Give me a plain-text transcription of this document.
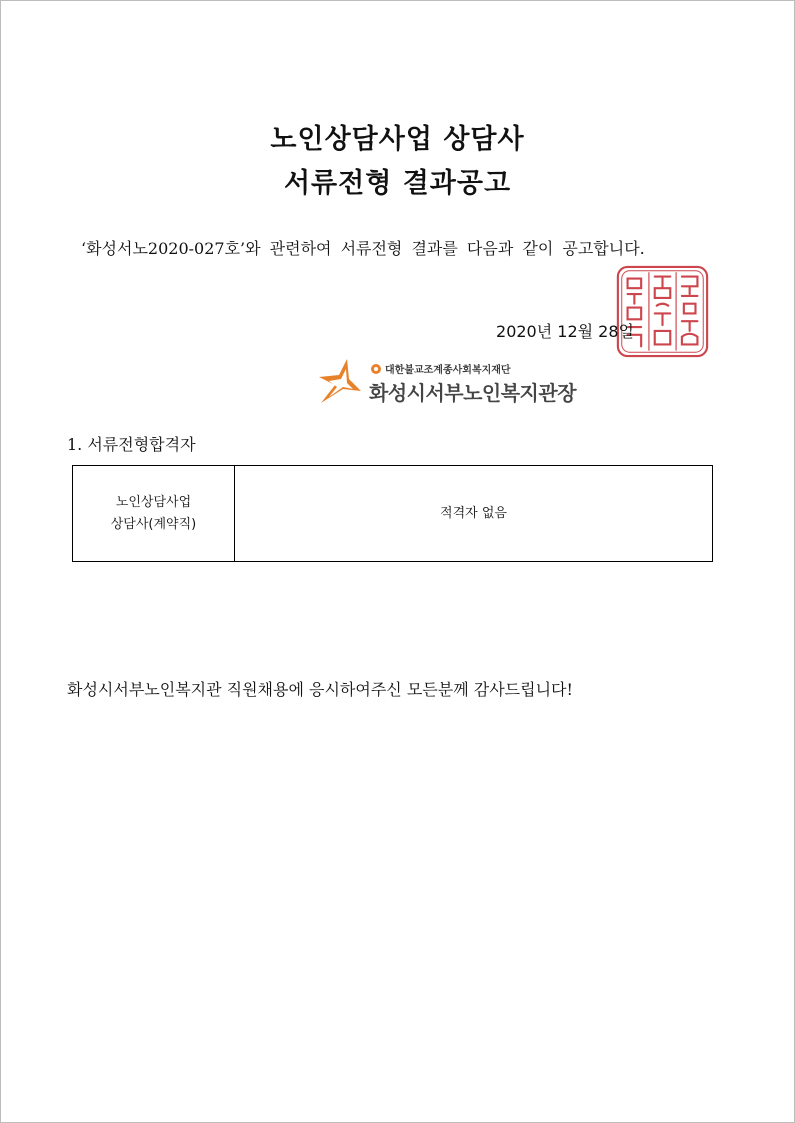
노인상담사업 상담사
서류전형 결과공고
‘화성서노2020-027호’와 관련하여 서류전형 결과를 다음과 같이 공고합니다.
2020년 12월 28일
대한불교조계종사회복지재단
화성시서부노인복지관장
1. 서류전형합격자
노인상담사업
상담사(계약직)
	적격자 없음
화성시서부노인복지관 직원채용에 응시하여주신 모든분께 감사드립니다!
